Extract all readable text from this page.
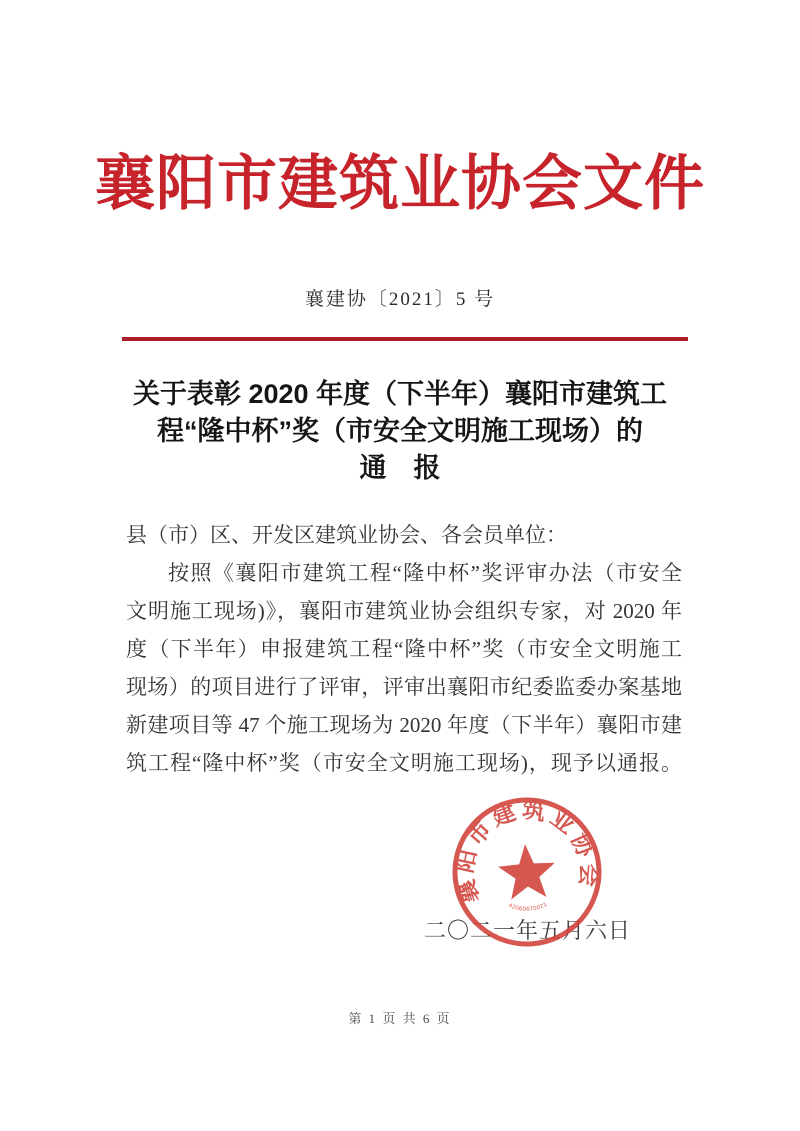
襄阳市建筑业协会文件
襄建协〔2021〕5 号
关于表彰 2020 年度（下半年）襄阳市建筑工
程“隆中杯”奖（市安全文明施工现场）的
通　报
县（市）区、开发区建筑业协会、各会员单位：
按照《襄阳市建筑工程“隆中杯”奖评审办法（市安全
文明施工现场)》，襄阳市建筑业协会组织专家，对 2020 年
度（下半年）申报建筑工程“隆中杯”奖（市安全文明施工
现场）的项目进行了评审，评审出襄阳市纪委监委办案基地
新建项目等 47 个施工现场为 2020 年度（下半年）襄阳市建
筑工程“隆中杯”奖（市安全文明施工现场)，现予以通报。
二〇二一年五月六日
襄阳市建筑业协会
42060670021
第 1 页 共 6 页
